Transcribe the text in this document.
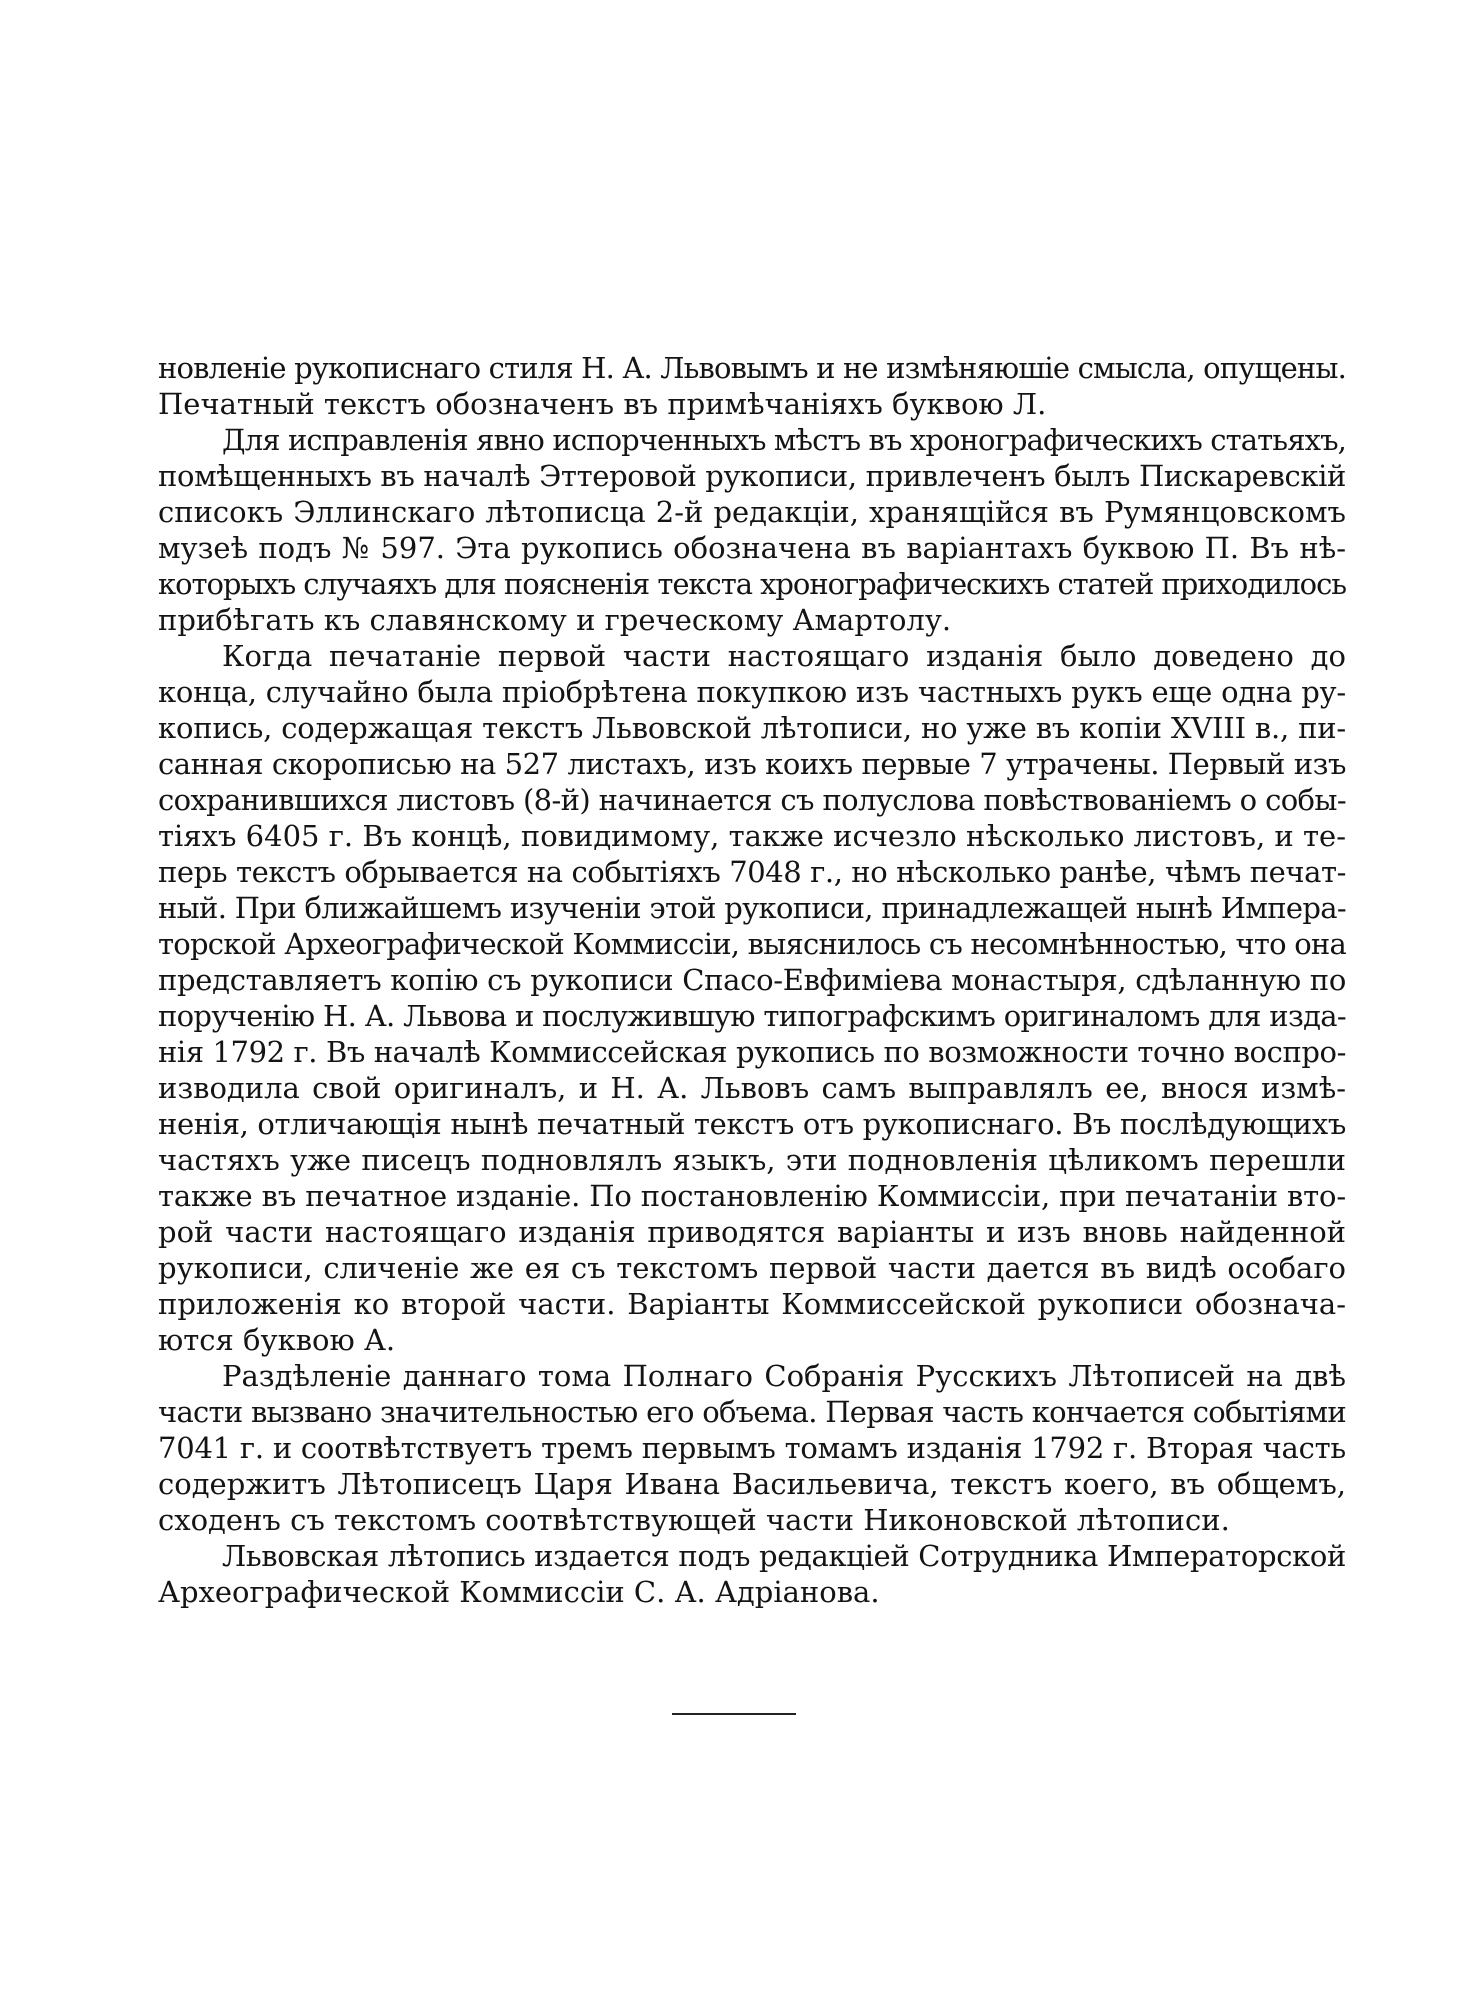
новленіе рукописнаго стиля Н. А. Львовымъ и не измѣняюшіе смысла, опущены.
Печатный текстъ обозначенъ въ примѣчаніяхъ буквою Л.

Для исправленія явно испорченныхъ мѣстъ въ хронографическихъ статьяхъ,
помѣщенныхъ въ началѣ Эттеровой рукописи, привлеченъ былъ Пискаревскій
списокъ Эллинскаго лѣтописца 2-й редакціи, хранящійся въ Румянцовскомъ
музеѣ подъ № 597. Эта рукопись обозначена въ варіантахъ буквою П. Въ нѣ-
которыхъ случаяхъ для поясненія текста хронографическихъ статей приходилось
прибѣгать къ славянскому и греческому Амартолу.

Когда печатаніе первой части настоящаго изданія было доведено до
конца, случайно была пріобрѣтена покупкою изъ частныхъ рукъ еще одна ру-
копись, содержащая текстъ Львовской лѣтописи, но уже въ копіи XVIII в., пи-
санная скорописью на 527 листахъ, изъ коихъ первые 7 утрачены. Первый изъ
сохранившихся листовъ (8-й) начинается съ полуслова повѣствованіемъ о собы-
тіяхъ 6405 г. Въ концѣ, повидимому, также исчезло нѣсколько листовъ, и те-
перь текстъ обрывается на событіяхъ 7048 г., но нѣсколько ранѣе, чѣмъ печат-
ный. При ближайшемъ изученіи этой рукописи, принадлежащей нынѣ Импера-
торской Археографической Коммиссіи, выяснилось съ несомнѣнностью, что она
представляетъ копію съ рукописи Спасо-Евфиміева монастыря, сдѣланную по
порученію Н. А. Львова и послужившую типографскимъ оригиналомъ для изда-
нія 1792 г. Въ началѣ Коммиссейская рукопись по возможности точно воспро-
изводила свой оригиналъ, и Н. А. Львовъ самъ выправлялъ ее, внося измѣ-
ненія, отличающія нынѣ печатный текстъ отъ рукописнаго. Въ послѣдующихъ
частяхъ уже писецъ подновлялъ языкъ, эти подновленія цѣликомъ перешли
также въ печатное изданіе. По постановленію Коммиссіи, при печатаніи вто-
рой части настоящаго изданія приводятся варіанты и изъ вновь найденной
рукописи, сличеніе же ея съ текстомъ первой части дается въ видѣ особаго
приложенія ко второй части. Варіанты Коммиссейской рукописи обознача-
ются буквою А.

Раздѣленіе даннаго тома Полнаго Собранія Русскихъ Лѣтописей на двѣ
части вызвано значительностью его объема. Первая часть кончается событіями
7041 г. и соотвѣтствуетъ тремъ первымъ томамъ изданія 1792 г. Вторая часть
содержитъ Лѣтописецъ Царя Ивана Васильевича, текстъ коего, въ общемъ,
сходенъ съ текстомъ соотвѣтствующей части Никоновской лѣтописи.

Львовская лѣтопись издается подъ редакціей Сотрудника Императорской
Археографической Коммиссіи С. А. Адріанова.
